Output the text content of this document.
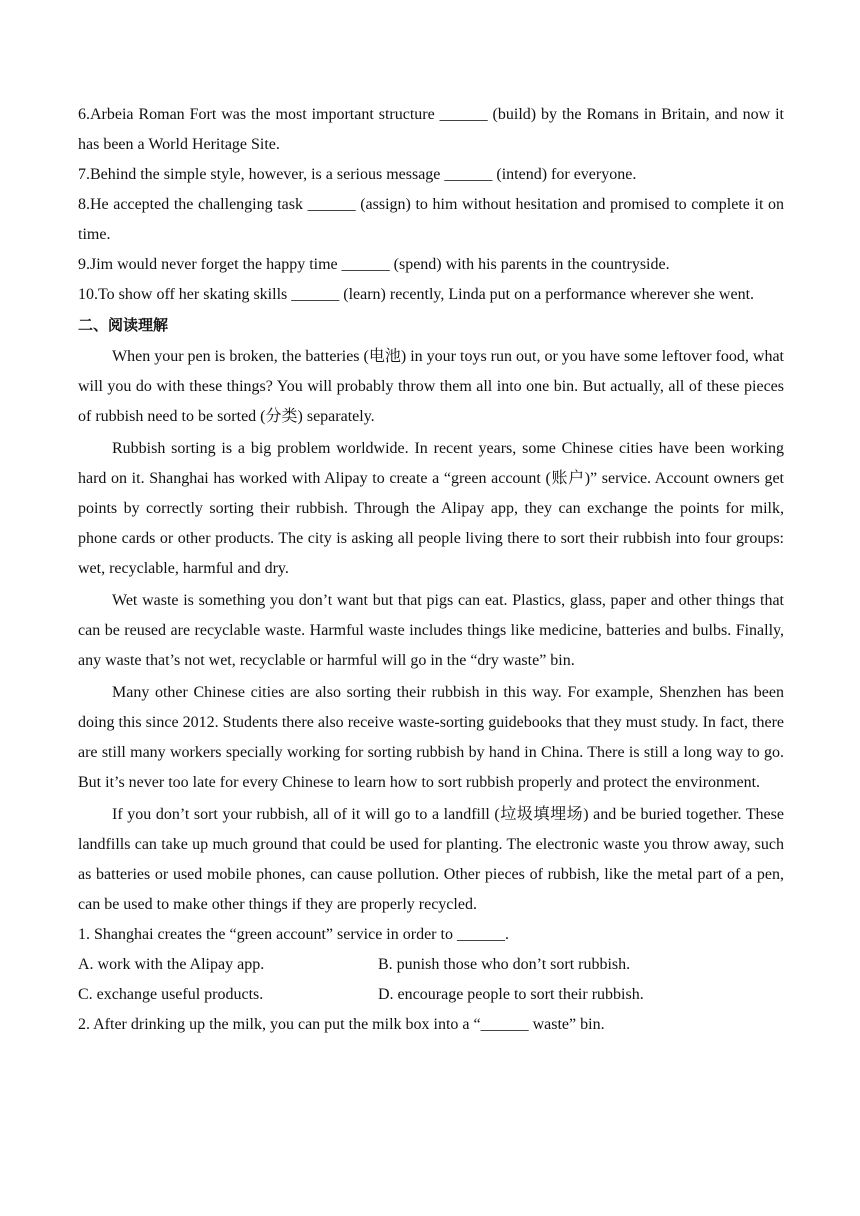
6.Arbeia Roman Fort was the most important structure ______ (build) by the Romans in Britain, and now it has been a World Heritage Site.

7.Behind the simple style, however, is a serious message ______ (intend) for everyone.

8.He accepted the challenging task ______ (assign) to him without hesitation and promised to complete it on time.

9.Jim would never forget the happy time ______ (spend) with his parents in the countryside.

10.To show off her skating skills ______ (learn) recently, Linda put on a performance wherever she went.

二、阅读理解

When your pen is broken, the batteries (电池) in your toys run out, or you have some leftover food, what will you do with these things? You will probably throw them all into one bin. But actually, all of these pieces of rubbish need to be sorted (分类) separately.

Rubbish sorting is a big problem worldwide. In recent years, some Chinese cities have been working hard on it. Shanghai has worked with Alipay to create a “green account (账户)” service. Account owners get points by correctly sorting their rubbish. Through the Alipay app, they can exchange the points for milk, phone cards or other products. The city is asking all people living there to sort their rubbish into four groups: wet, recyclable, harmful and dry.

Wet waste is something you don’t want but that pigs can eat. Plastics, glass, paper and other things that can be reused are recyclable waste. Harmful waste includes things like medicine, batteries and bulbs. Finally, any waste that’s not wet, recyclable or harmful will go in the “dry waste” bin.

Many other Chinese cities are also sorting their rubbish in this way. For example, Shenzhen has been doing this since 2012. Students there also receive waste-sorting guidebooks that they must study. In fact, there are still many workers specially working for sorting rubbish by hand in China. There is still a long way to go. But it’s never too late for every Chinese to learn how to sort rubbish properly and protect the environment.

If you don’t sort your rubbish, all of it will go to a landfill (垃圾填埋场) and be buried together. These landfills can take up much ground that could be used for planting. The electronic waste you throw away, such as batteries or used mobile phones, can cause pollution. Other pieces of rubbish, like the metal part of a pen, can be used to make other things if they are properly recycled.

1. Shanghai creates the “green account” service in order to ______.

A. work with the Alipay app.	B. punish those who don’t sort rubbish.
C. exchange useful products.	D. encourage people to sort their rubbish.

2. After drinking up the milk, you can put the milk box into a “______ waste” bin.
